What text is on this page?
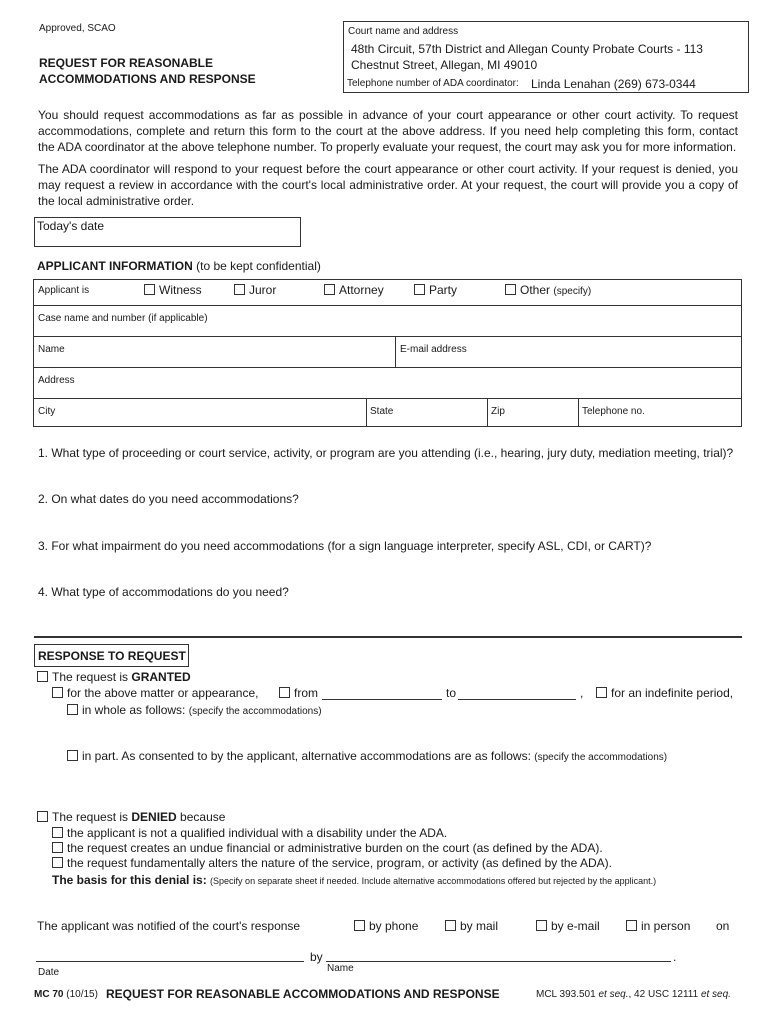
Approved, SCAO
REQUEST FOR REASONABLE
ACCOMMODATIONS AND RESPONSE
Court name and address
48th Circuit, 57th District and Allegan County Probate Courts - 113
Chestnut Street, Allegan, MI 49010
Telephone number of ADA coordinator: Linda Lenahan (269) 673-0344
You should request accommodations as far as possible in advance of your court appearance or other court activity. To request accommodations, complete and return this form to the court at the above address. If you need help completing this form, contact the ADA coordinator at the above telephone number. To properly evaluate your request, the court may ask you for more information.
The ADA coordinator will respond to your request before the court appearance or other court activity. If your request is denied, you may request a review in accordance with the court's local administrative order. At your request, the court will provide you a copy of the local administrative order.
Today's date
APPLICANT INFORMATION (to be kept confidential)
Applicant is	Witness	Juror	Attorney	Party	Other (specify)
Case name and number (if applicable)
Name	E-mail address
Address
City	State	Zip	Telephone no.
1. What type of proceeding or court service, activity, or program are you attending (i.e., hearing, jury duty, mediation meeting, trial)?
2. On what dates do you need accommodations?
3. For what impairment do you need accommodations (for a sign language interpreter, specify ASL, CDI, or CART)?
4. What type of accommodations do you need?
RESPONSE TO REQUEST
The request is GRANTED
for the above matter or appearance,	from	to	,	for an indefinite period,
in whole as follows: (specify the accommodations)
in part. As consented to by the applicant, alternative accommodations are as follows: (specify the accommodations)
The request is DENIED because
the applicant is not a qualified individual with a disability under the ADA.
the request creates an undue financial or administrative burden on the court (as defined by the ADA).
the request fundamentally alters the nature of the service, program, or activity (as defined by the ADA).
The basis for this denial is: (Specify on separate sheet if needed. Include alternative accommodations offered but rejected by the applicant.)
The applicant was notified of the court's response	by phone	by mail	by e-mail	in person on
by	.
Date	Name
MC 70 (10/15) REQUEST FOR REASONABLE ACCOMMODATIONS AND RESPONSE	MCL 393.501 et seq., 42 USC 12111 et seq.
